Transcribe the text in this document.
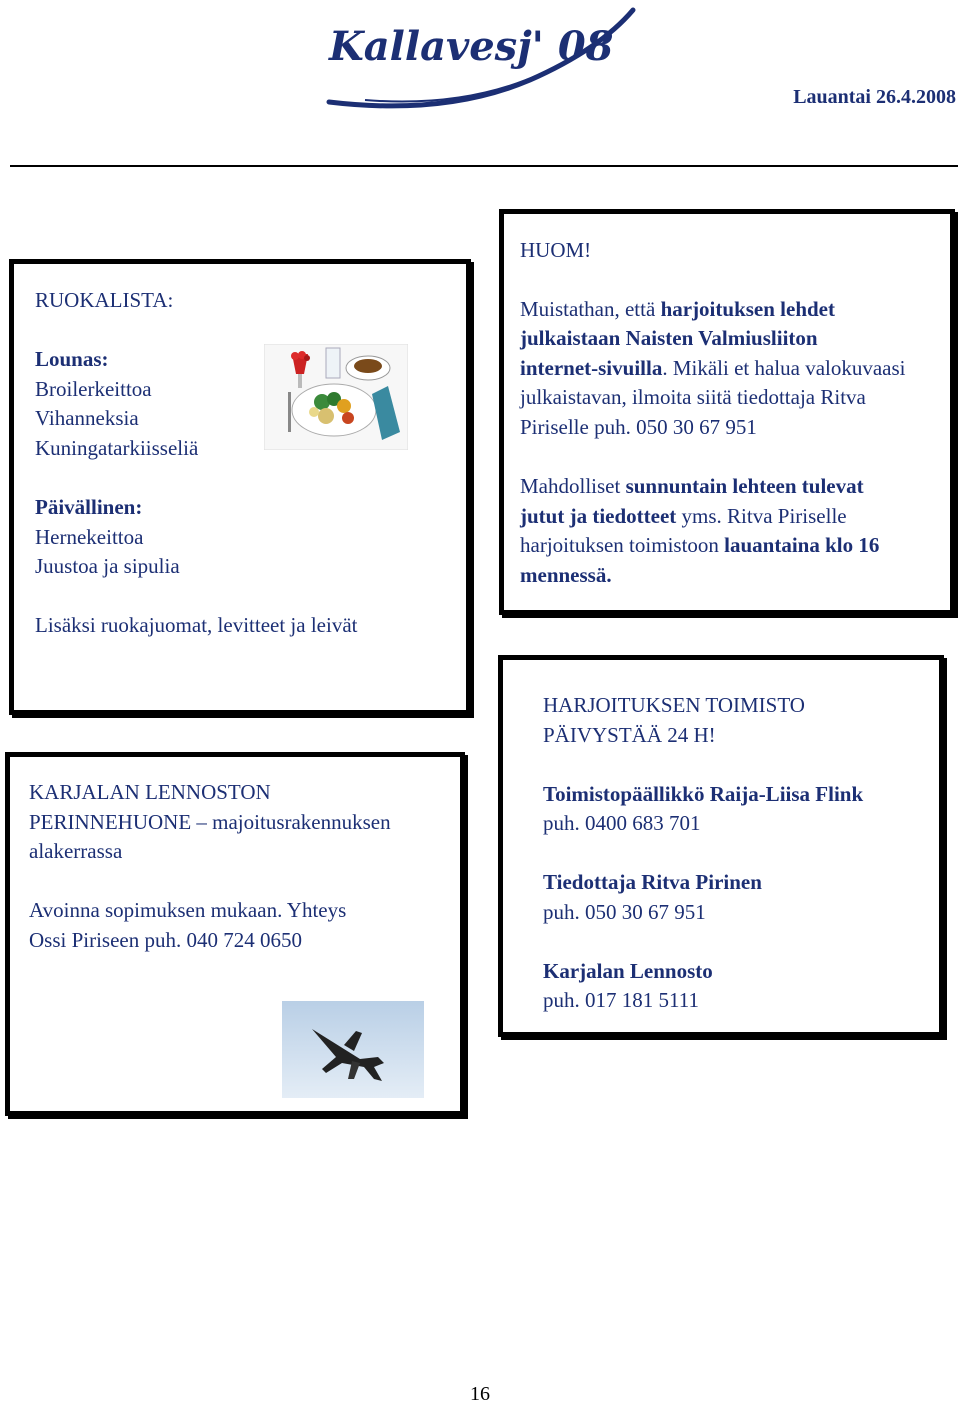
Kallavesj' 08
Lauantai 26.4.2008
RUOKALISTA:
Lounas:
Broilerkeittoa
Vihanneksia
Kuningatarkiisseliä
Päivällinen:
Hernekeittoa
Juustoa ja sipulia
Lisäksi ruokajuomat, levitteet ja leivät
HUOM!
Muistathan, että harjoituksen lehdet
julkaistaan Naisten Valmiusliiton
internet-sivuilla. Mikäli et halua valokuvaasi
julkaistavan, ilmoita siitä tiedottaja Ritva
Piriselle puh. 050 30 67 951
Mahdolliset sunnuntain lehteen tulevat
jutut ja tiedotteet yms. Ritva Piriselle
harjoituksen toimistoon lauantaina klo 16
mennessä.
HARJOITUKSEN TOIMISTO
PÄIVYSTÄÄ 24 H!
Toimistopäällikkö Raija-Liisa Flink
puh. 0400 683 701
Tiedottaja Ritva Pirinen
puh. 050 30 67 951
Karjalan Lennosto
puh. 017 181 5111
KARJALAN LENNOSTON
PERINNEHUONE – majoitusrakennuksen
alakerrassa
Avoinna sopimuksen mukaan. Yhteys
Ossi Piriseen puh. 040 724 0650
16
